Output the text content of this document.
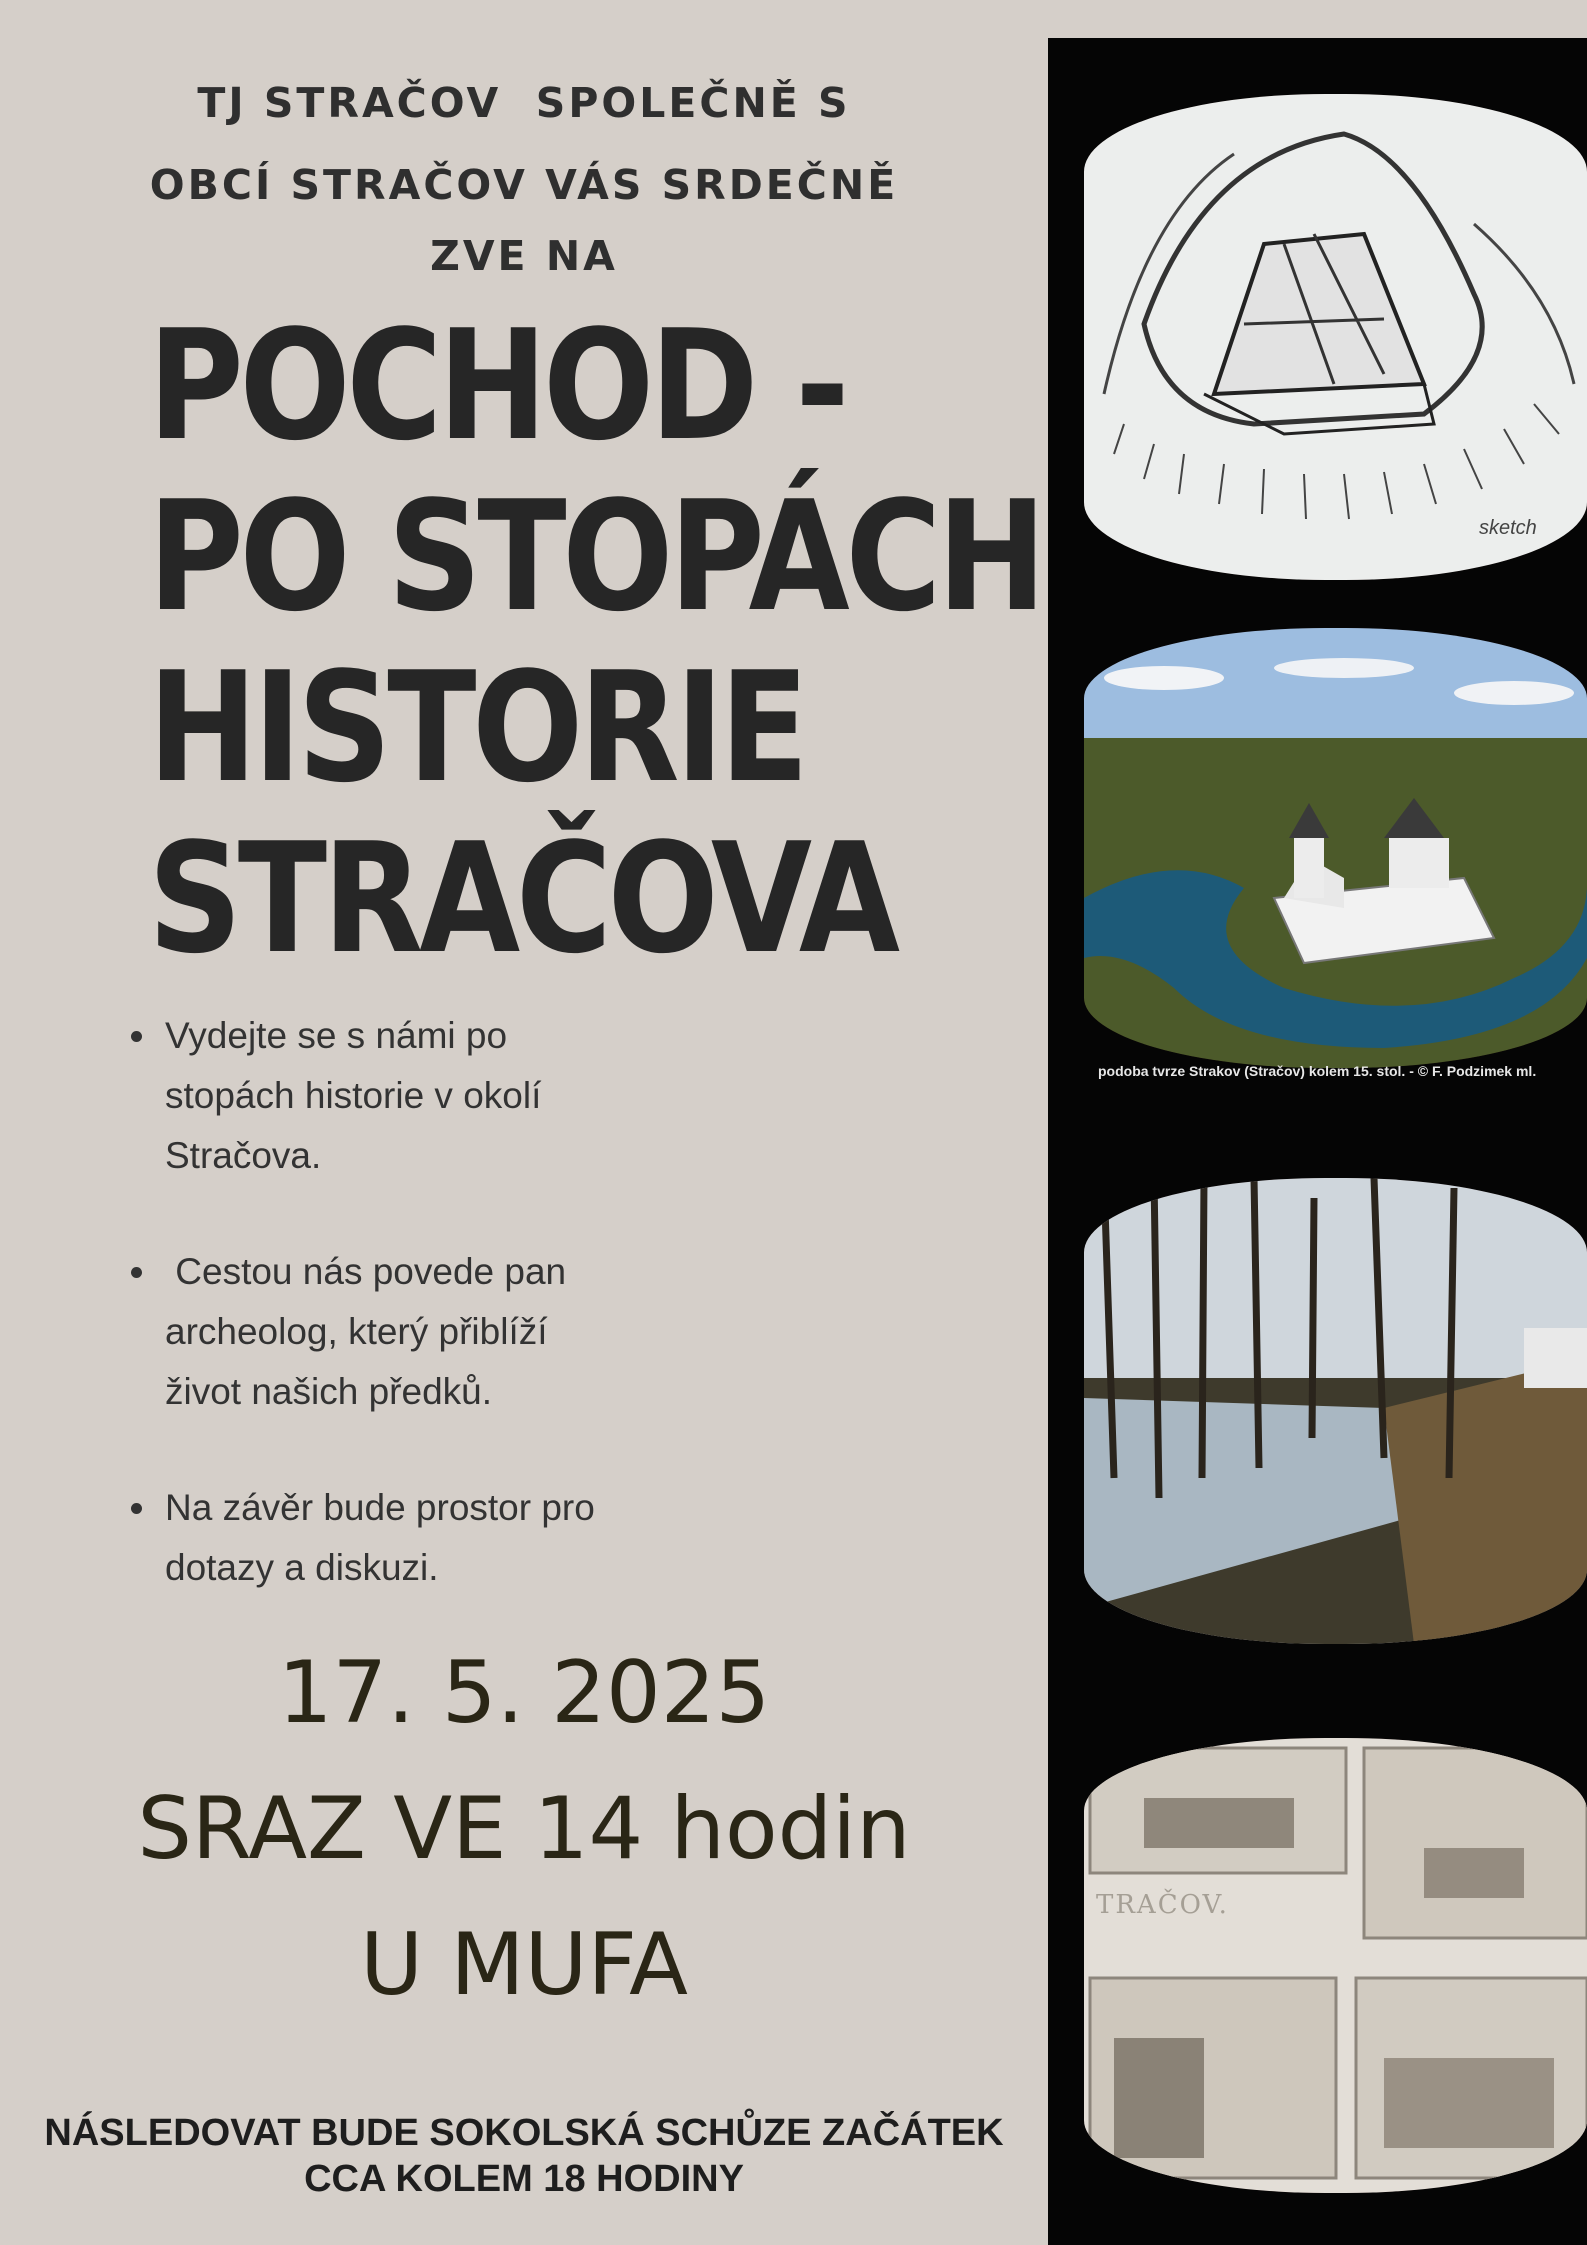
TJ STRAČOV  SPOLEČNĚ S
OBCÍ STRAČOV VÁS SRDEČNĚ
ZVE NA
POCHOD -
PO STOPÁCH
HISTORIE
STRAČOVA
Vydejte se s námi po
stopách historie v okolí
Stračova.
Cestou nás povede pan
archeolog, který přiblíží
život našich předků.
Na závěr bude prostor pro
dotazy a diskuzi.
17. 5. 2025
SRAZ VE 14 hodin
U MUFA
NÁSLEDOVAT BUDE SOKOLSKÁ SCHŮZE ZAČÁTEK
CCA KOLEM 18 HODINY
sketch
podoba tvrze Strakov (Stračov) kolem 15. stol. - © F. Podzimek ml.
TRAČOV.
